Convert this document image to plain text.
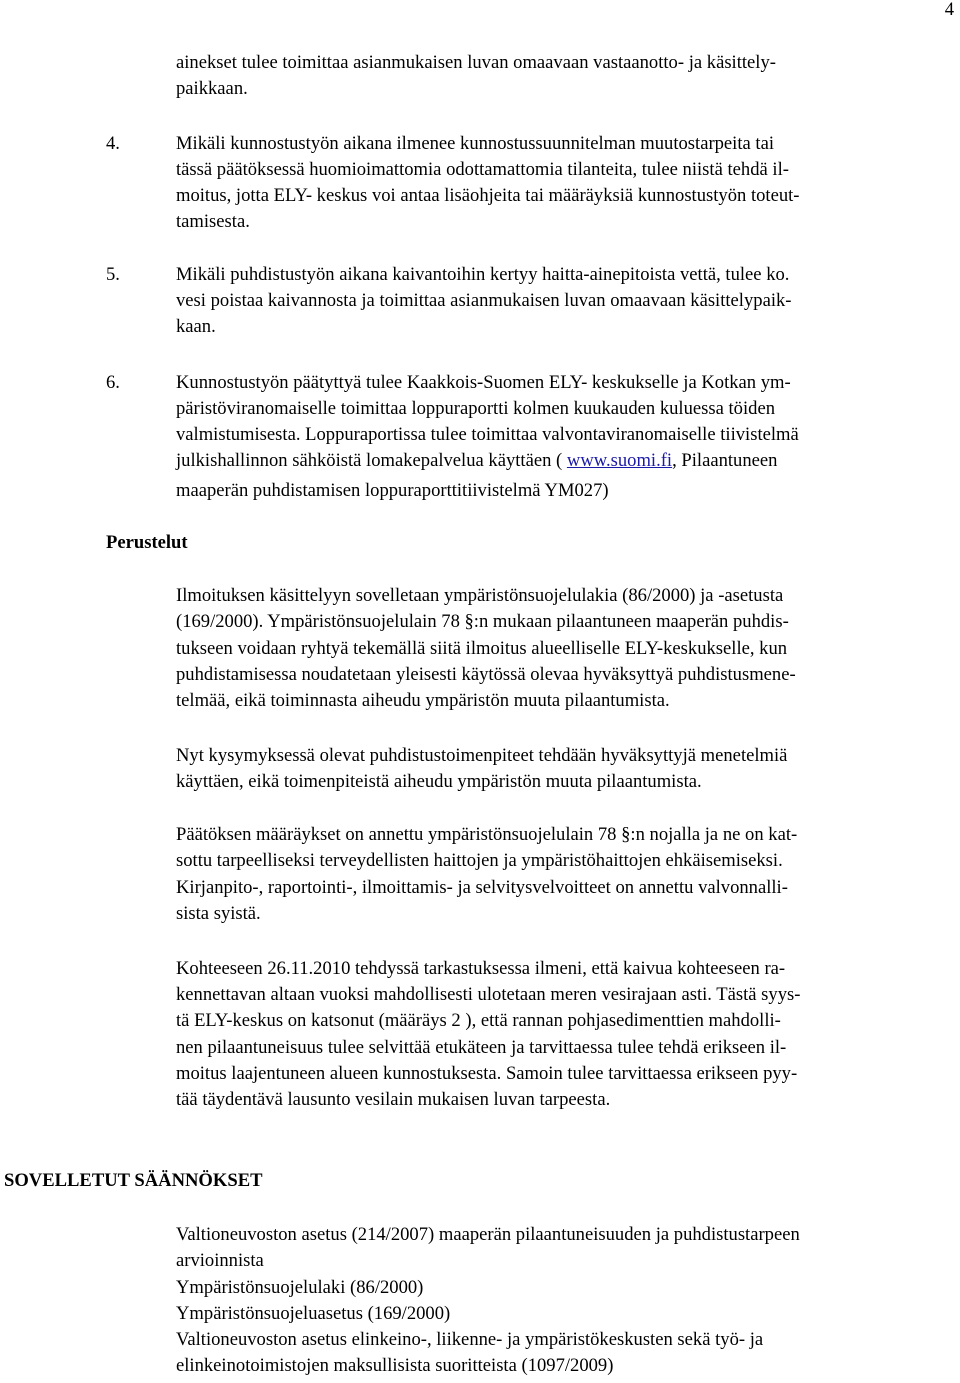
4
ainekset tulee toimittaa asianmukaisen luvan omaavaan vastaanotto- ja käsittely-
paikkaan.
4.	Mikäli kunnostustyön aikana ilmenee kunnostussuunnitelman muutostarpeita tai
tässä päätöksessä huomioimattomia odottamattomia tilanteita, tulee niistä tehdä il-
moitus, jotta ELY- keskus voi antaa lisäohjeita tai määräyksiä kunnostustyön toteut-
tamisesta.
5.	Mikäli puhdistustyön aikana kaivantoihin kertyy haitta-ainepitoista vettä, tulee ko.
vesi poistaa kaivannosta ja toimittaa asianmukaisen luvan omaavaan käsittelypaik-
kaan.
6.	Kunnostustyön päätyttyä tulee Kaakkois-Suomen ELY- keskukselle ja Kotkan ym-
päristöviranomaiselle toimittaa loppuraportti kolmen kuukauden kuluessa töiden
valmistumisesta. Loppuraportissa tulee toimittaa valvontaviranomaiselle tiivistelmä
julkishallinnon sähköistä lomakepalvelua käyttäen ( www.suomi.fi, Pilaantuneen
maaperän puhdistamisen loppuraporttitiivistelmä YM027)
Perustelut
Ilmoituksen käsittelyyn sovelletaan ympäristönsuojelulakia (86/2000) ja -asetusta
(169/2000). Ympäristönsuojelulain 78 §:n mukaan pilaantuneen maaperän puhdis-
tukseen voidaan ryhtyä tekemällä siitä ilmoitus alueelliselle ELY-keskukselle, kun
puhdistamisessa noudatetaan yleisesti käytössä olevaa hyväksyttyä puhdistusmene-
telmää, eikä toiminnasta aiheudu ympäristön muuta pilaantumista.
Nyt kysymyksessä olevat puhdistustoimenpiteet tehdään hyväksyttyjä menetelmiä
käyttäen, eikä toimenpiteistä aiheudu ympäristön muuta pilaantumista.
Päätöksen määräykset on annettu ympäristönsuojelulain 78 §:n nojalla ja ne on kat-
sottu tarpeelliseksi terveydellisten haittojen ja ympäristöhaittojen ehkäisemiseksi.
Kirjanpito-, raportointi-, ilmoittamis- ja selvitysvelvoitteet on annettu valvonnalli-
sista syistä.
Kohteeseen 26.11.2010 tehdyssä tarkastuksessa ilmeni, että kaivua kohteeseen ra-
kennettavan altaan vuoksi mahdollisesti ulotetaan meren vesirajaan asti. Tästä syys-
tä ELY-keskus on katsonut (määräys 2 ), että rannan pohjasedimenttien mahdolli-
nen pilaantuneisuus tulee selvittää etukäteen ja tarvittaessa tulee tehdä erikseen il-
moitus laajentuneen alueen kunnostuksesta. Samoin tulee tarvittaessa erikseen pyy-
tää täydentävä lausunto vesilain mukaisen luvan tarpeesta.
SOVELLETUT SÄÄNNÖKSET
Valtioneuvoston asetus (214/2007) maaperän pilaantuneisuuden ja puhdistustarpeen
arvioinnista
Ympäristönsuojelulaki (86/2000)
Ympäristönsuojeluasetus (169/2000)
Valtioneuvoston asetus elinkeino-, liikenne- ja ympäristökeskusten sekä työ- ja
elinkeinotoimistojen maksullisista suoritteista (1097/2009)
